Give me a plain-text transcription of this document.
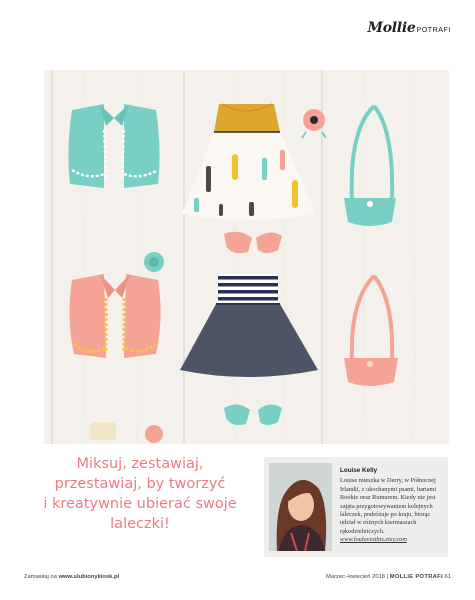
Mollie POTRAFI
Miksuj, zestawiaj,
przestawiaj, by tworzyć
i kreatywnie ubierać swoje
laleczki!
Louise Kelly
Louise mieszka w Derry, w Północnej Irlandii, z ukochanymi psami, hartami Rookie oraz Rumurem. Kiedy nie jest zajęta przygotowywaniem kolejnych laleczek, podróżuje po kraju, biorąc udział w różnych kiermaszach rękodzielniczych.
www.loulovesthis.etsy.com
Zamawiaj na www.ulubionykiosk.pl	Marzec–kwiecień 2018 | MOLLIE POTRAFI 61
